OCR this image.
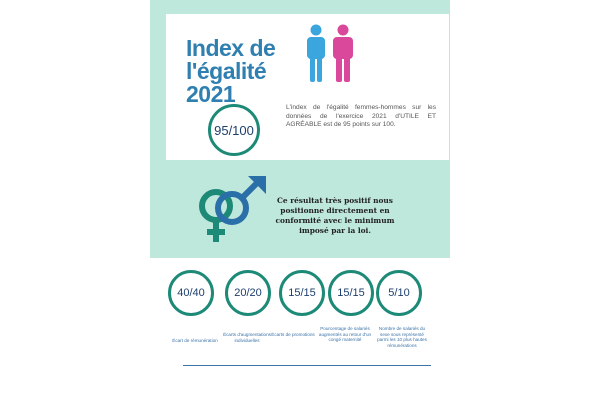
Index de
l'égalité 2021
95/100
L'index de l'égalité femmes-hommes sur les données de l'exercice 2021 d'UTILE ET AGRÉABLE est de 95 points sur 100.
Ce résultat très positif nous positionne directement en conformité avec le minimum imposé par la loi.
40/40	20/20 15/15 15/15 5/10
Écart de rémunération
Écarts d'augmentations individuelles
Écarts de promotions
Pourcentage de salariés augmentés au retour d'un congé maternité
Nombre de salariés du sexe sous représenté parmi les 10 plus hautes rémunérations
